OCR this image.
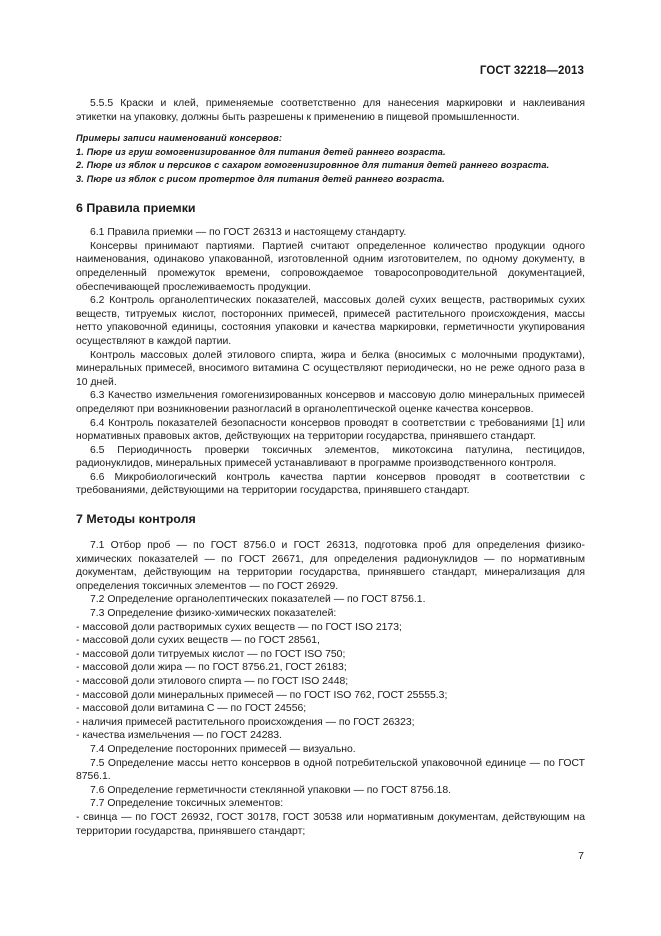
ГОСТ 32218—2013

5.5.5 Краски и клей, применяемые соответственно для нанесения маркировки и наклеивания этикетки на упаковку, должны быть разрешены к применению в пищевой промышленности.

Примеры записи наименований консервов:

1. Пюре из груш гомогенизированное для питания детей раннего возраста.

2. Пюре из яблок и персиков с сахаром гомогенизировнное для питания детей раннего возраста.

3. Пюре из яблок с рисом протертое для питания детей раннего возраста.

6 Правила приемки

6.1 Правила приемки — по ГОСТ 26313 и настоящему стандарту.

Консервы принимают партиями. Партией считают определенное количество продукции одного наименования, одинаково упакованной, изготовленной одним изготовителем, по одному документу, в определенный промежуток времени, сопровождаемое товаросопроводительной документацией, обеспечивающей прослеживаемость продукции.

6.2 Контроль органолептических показателей, массовых долей сухих веществ, растворимых сухих веществ, титруемых кислот, посторонних примесей, примесей растительного происхождения, массы нетто упаковочной единицы, состояния упаковки и качества маркировки, герметичности укупирования осуществляют в каждой партии.

Контроль массовых долей этилового спирта, жира и белка (вносимых с молочными продуктами), минеральных примесей, вносимого витамина С осуществляют периодически, но не реже одного раза в 10 дней.

6.3 Качество измельчения гомогенизированных консервов и массовую долю минеральных примесей определяют при возникновении разногласий в органолептической оценке качества консервов.

6.4 Контроль показателей безопасности консервов проводят в соответствии с требованиями [1] или нормативных правовых актов, действующих на территории государства, принявшего стандарт.

6.5 Периодичность проверки токсичных элементов, микотоксина патулина, пестицидов, радионуклидов, минеральных примесей устанавливают в программе производственного контроля.

6.6 Микробиологический контроль качества партии консервов проводят в соответствии с требованиями, действующими на территории государства, принявшего стандарт.

7 Методы контроля

7.1 Отбор проб — по ГОСТ 8756.0 и ГОСТ 26313, подготовка проб для определения физико-химических показателей — по ГОСТ 26671, для определения радионуклидов — по нормативным документам, действующим на территории государства, принявшего стандарт, минерализация для определения токсичных элементов — по ГОСТ 26929.

7.2 Определение органолептических показателей — по ГОСТ 8756.1.

7.3 Определение физико-химических показателей:

- массовой доли растворимых сухих веществ — по ГОСТ ISO 2173;

- массовой доли сухих веществ — по ГОСТ 28561,

- массовой доли титруемых кислот — по ГОСТ ISO 750;

- массовой доли жира — по ГОСТ 8756.21, ГОСТ 26183;

- массовой доли этилового спирта — по ГОСТ ISO 2448;

- массовой доли минеральных примесей — по ГОСТ ISO 762, ГОСТ 25555.3;

- массовой доли витамина С — по ГОСТ 24556;

- наличия примесей растительного происхождения — по ГОСТ 26323;

- качества измельчения — по ГОСТ 24283.

7.4 Определение посторонних примесей — визуально.

7.5 Определение массы нетто консервов в одной потребительской упаковочной единице — по ГОСТ 8756.1.

7.6 Определение герметичности стеклянной упаковки — по ГОСТ 8756.18.

7.7 Определение токсичных элементов:

- свинца — по ГОСТ 26932, ГОСТ 30178, ГОСТ 30538 или нормативным документам, действующим на территории государства, принявшего стандарт;

7
